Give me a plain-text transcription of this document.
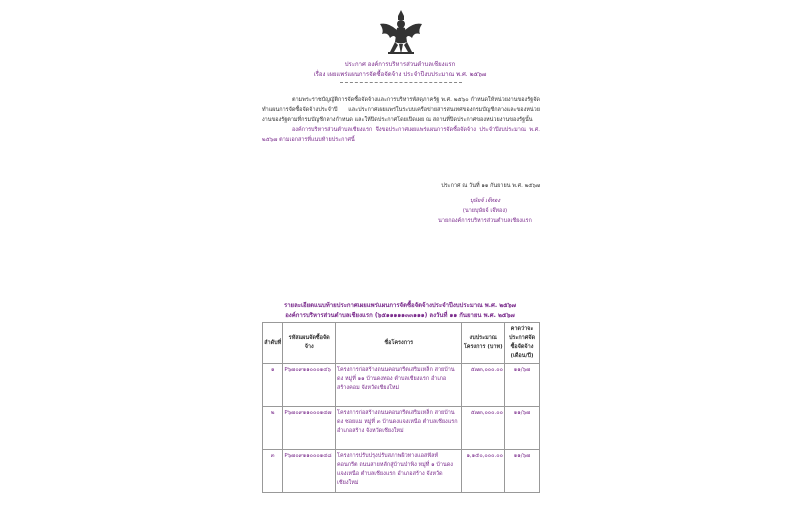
ประกาศ องค์การบริหารส่วนตำบลเชียงแรก
เรื่อง เผยแพร่แผนการจัดซื้อจัดจ้าง ประจำปีงบประมาณ พ.ศ. ๒๕๖๗

ตามพระราชบัญญัติการจัดซื้อจัดจ้างและการบริหารพัสดุภาครัฐ พ.ศ. ๒๕๖๐ กำหนดให้หน่วยงานของรัฐจัดทำแผนการจัดซื้อจัดจ้างประจำปี และประกาศเผยแพร่ในระบบเครือข่ายสารสนเทศของกรมบัญชีกลางและของหน่วยงานของรัฐตามที่กรมบัญชีกลางกำหนด และให้ปิดประกาศโดยเปิดเผย ณ สถานที่ปิดประกาศของหน่วยงานของรัฐนั้น

องค์การบริหารส่วนตำบลเชียงแรก จึงขอประกาศเผยแพร่แผนการจัดซื้อจัดจ้าง ประจำปีงบประมาณ พ.ศ. ๒๕๖๗ ตามเอกสารที่แนบท้ายประกาศนี้

ประกาศ ณ วันที่ ๑๑ กันยายน พ.ศ. ๒๕๖๗
บุษัยจ์ เจ๊ทอง
(นายบุษัยจ์ เจ๊ทอง)
นายกองค์การบริหารส่วนตำบลเชียงแรก
รายละเอียดแนบท้ายประกาศเผยแพร่แผนการจัดซื้อจัดจ้างประจำปีงบประมาณ พ.ศ. ๒๕๖๗
องค์การบริหารส่วนตำบลเชียงแรก (๖๕๑๑๑๑๑๓๓๑๑๑) ลงวันที่ ๑๑ กันยายน พ.ศ. ๒๕๖๗
ลำดับที่	รหัสแผนจัดซื้อจัดจ้าง	ชื่อโครงการ	งบประมาณโครงการ (บาท)	คาดว่าจะประกาศจัดซื้อจัดจ้าง (เดือน/ปี)
๑	P๖๗๐๙๑๑๐๐๐๑๔๖	โครงการก่อสร้างถนนคอนกรีตเสริมเหล็ก สายบ้านดง หมู่ที่ ๑๑ บ้านดงทอง ตำบลเชียงแรก อำเภอสร้างคอม จังหวัดเชียงใหม่	๕๗๓,๐๐๐.๐๐	๑๑/๖๗
๒	P๖๗๐๙๑๑๐๐๐๑๔๗	โครงการก่อสร้างถนนคอนกรีตเสริมเหล็ก สายบ้านดง ซอยแม หมู่ที่ ๓ บ้านดงแจงเหนือ ตำบลเชียงแรก อำเภอสร้าง จังหวัดเชียงใหม่	๕๗๓,๐๐๐.๐๐	๑๑/๖๗
๓	P๖๗๐๙๑๑๐๐๐๑๔๘	โครงการปรับปรุงปรับสภาพผิวทางแอสฟัลท์ คอนกรีต ถนนสายหลักสู่บ้านป่าพิง หมู่ที่ ๑ บ้านดงแจงเหนือ ตำบลเชียงแรก อำเภอสร้าง จังหวัดเชียงใหม่	๑,๑๕๐,๐๐๐.๐๐	๑๑/๖๗
